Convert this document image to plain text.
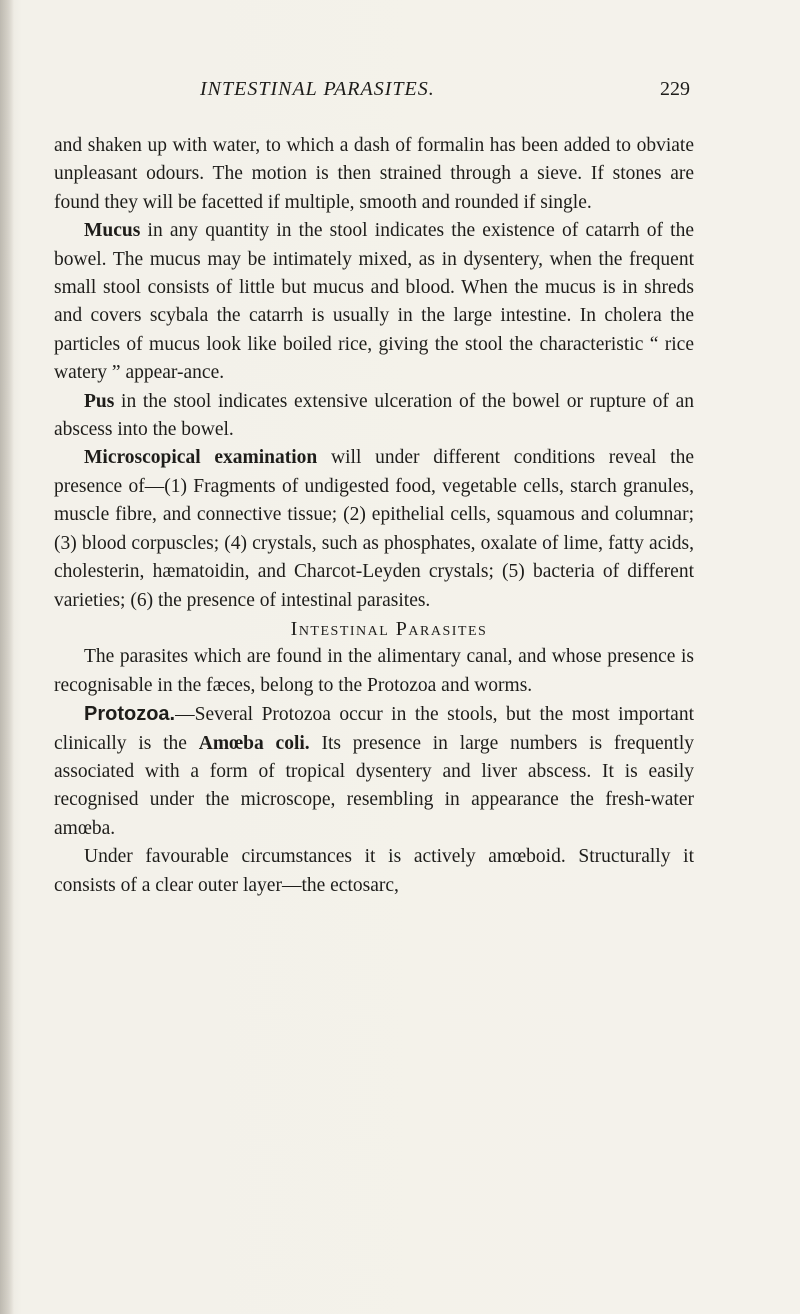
INTESTINAL PARASITES.	229

and shaken up with water, to which a dash of formalin has been added to obviate unpleasant odours. The motion is then strained through a sieve. If stones are found they will be facetted if multiple, smooth and rounded if single.

Mucus in any quantity in the stool indicates the existence of catarrh of the bowel. The mucus may be intimately mixed, as in dysentery, when the frequent small stool consists of little but mucus and blood. When the mucus is in shreds and covers scybala the catarrh is usually in the large intestine. In cholera the particles of mucus look like boiled rice, giving the stool the characteristic “ rice watery ” appear-ance.

Pus in the stool indicates extensive ulceration of the bowel or rupture of an abscess into the bowel.

Microscopical examination will under different conditions reveal the presence of—(1) Fragments of undigested food, vegetable cells, starch granules, muscle fibre, and connective tissue; (2) epithelial cells, squamous and columnar; (3) blood corpuscles; (4) crystals, such as phosphates, oxalate of lime, fatty acids, cholesterin, hæmatoidin, and Charcot-Leyden crystals; (5) bacteria of different varieties; (6) the presence of intestinal parasites.

Intestinal Parasites

The parasites which are found in the alimentary canal, and whose presence is recognisable in the fæces, belong to the Protozoa and worms.

Protozoa.—Several Protozoa occur in the stools, but the most important clinically is the Amœba coli. Its presence in large numbers is frequently associated with a form of tropical dysentery and liver abscess. It is easily recognised under the microscope, resembling in appearance the fresh-water amœba.

Under favourable circumstances it is actively amœboid. Structurally it consists of a clear outer layer—the ectosarc,
